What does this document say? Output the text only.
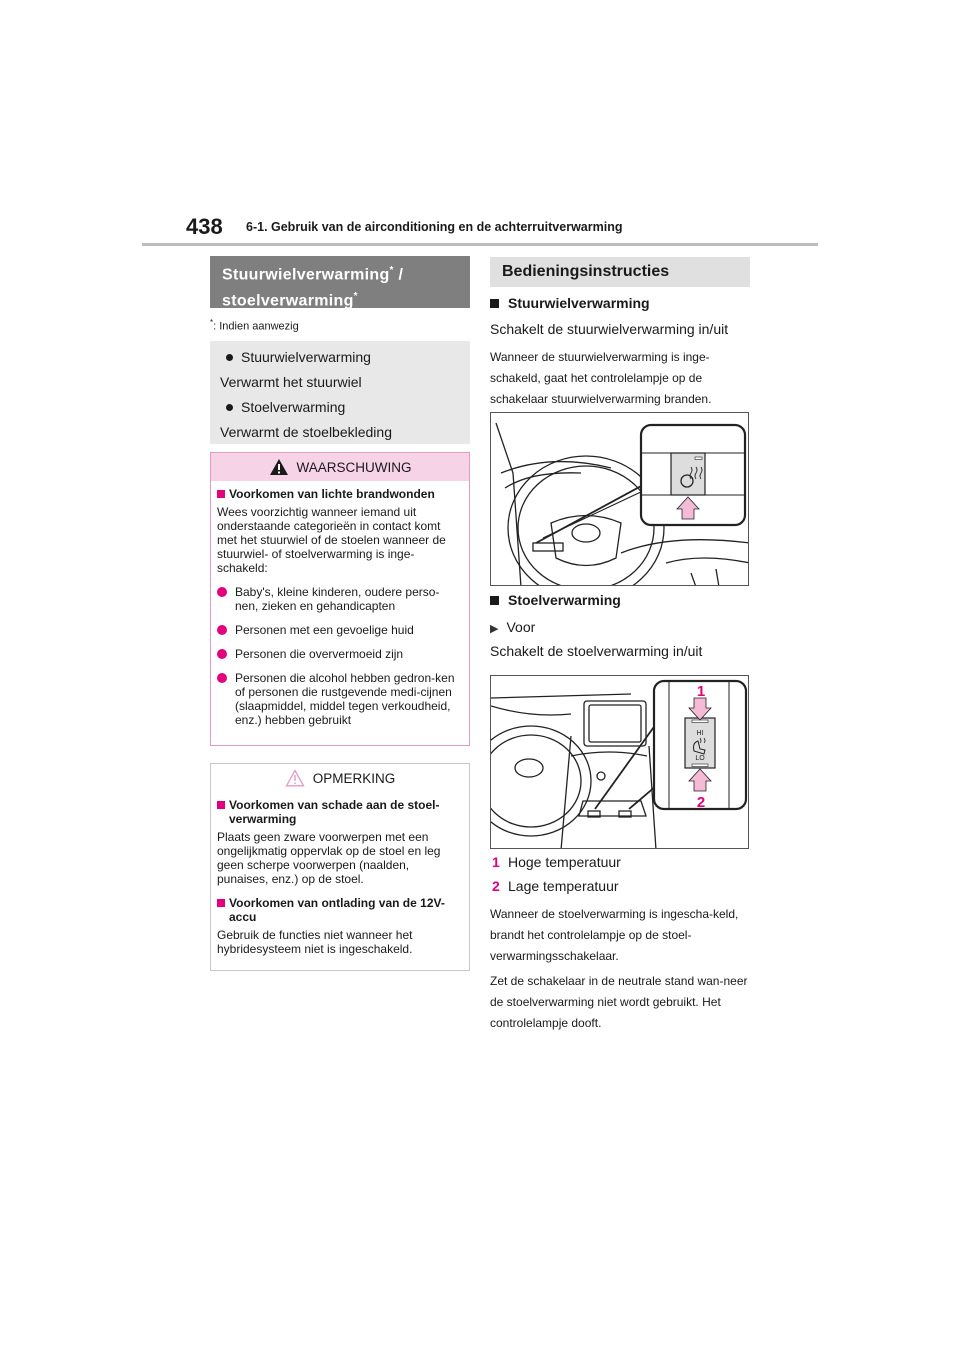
438 6-1. Gebruik van de airconditioning en de achterruitverwarming
Stuurwielverwarming* /
stoelverwarming*
*: Indien aanwezig
Stuurwielverwarming
Verwarmt het stuurwiel
Stoelverwarming
Verwarmt de stoelbekleding
WAARSCHUWING
Voorkomen van lichte brandwonden

Wees voorzichtig wanneer iemand uit onderstaande categorieën in contact komt met het stuurwiel of de stoelen wanneer de stuurwiel- of stoelverwarming is inge-schakeld:

Baby's, kleine kinderen, oudere perso-nen, zieken en gehandicapten
Personen met een gevoelige huid
Personen die oververmoeid zijn
Personen die alcohol hebben gedron-ken of personen die rustgevende medi-cijnen (slaapmiddel, middel tegen verkoudheid, enz.) hebben gebruikt
OPMERKING
Voorkomen van schade aan de stoel-verwarming

Plaats geen zware voorwerpen met een ongelijkmatig oppervlak op de stoel en leg geen scherpe voorwerpen (naalden, punaises, enz.) op de stoel.

Voorkomen van ontlading van de 12V-accu

Gebruik de functies niet wanneer het hybridesysteem niet is ingeschakeld.

Bedieningsinstructies
Stuurwielverwarming
Schakelt de stuurwielverwarming in/uit
Wanneer de stuurwielverwarming is inge-schakeld, gaat het controlelampje op de schakelaar stuurwielverwarming branden.
Stoelverwarming
▶ Voor
Schakelt de stoelverwarming in/uit
HI
LO
1
2
1 Hoge temperatuur
2 Lage temperatuur
Wanneer de stoelverwarming is ingescha-keld, brandt het controlelampje op de stoel-verwarmingsschakelaar.
Zet de schakelaar in de neutrale stand wan-neer de stoelverwarming niet wordt gebruikt. Het controlelampje dooft.
